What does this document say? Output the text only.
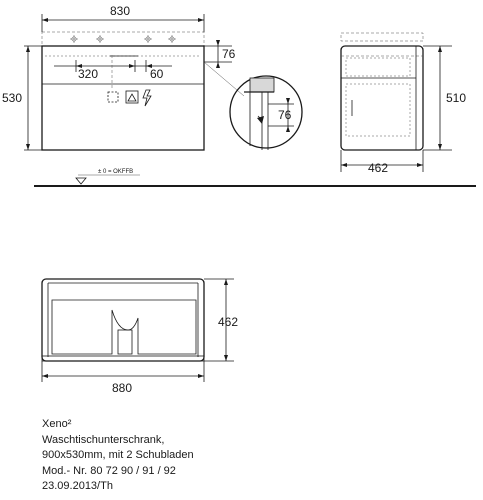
830
530
76
320	60
76
510
462
± 0 = OKFFB
462
880
Xeno²
Waschtischunterschrank,
900x530mm, mit 2 Schubladen
Mod.- Nr. 80 72 90 / 91 / 92
23.09.2013/Th
